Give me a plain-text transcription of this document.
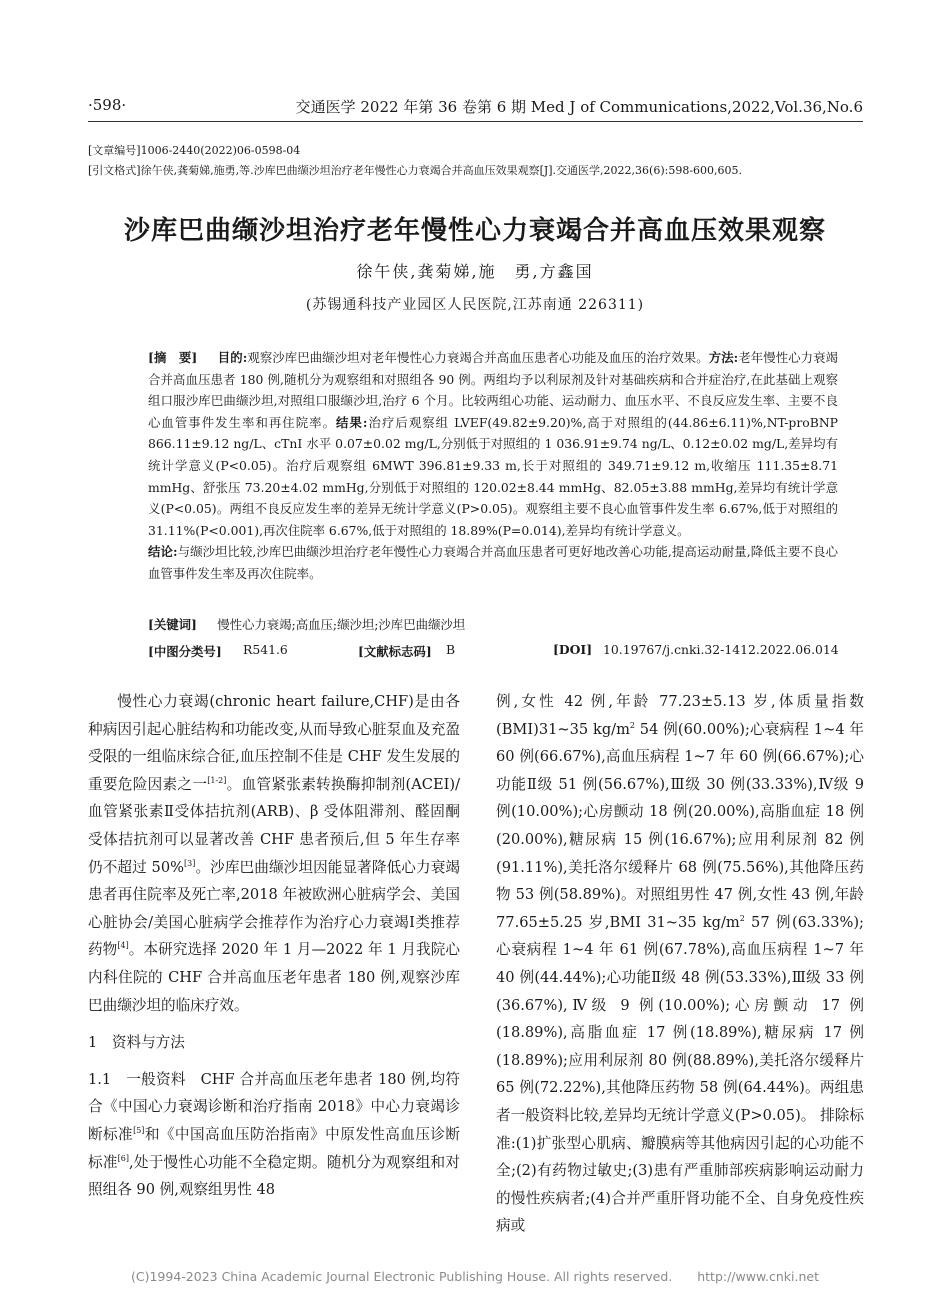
·598·	交通医学 2022 年第 36 卷第 6 期 Med J of Communications,2022,Vol.36,No.6
[文章编号]1006-2440(2022)06-0598-04
[引文格式]徐午侠,龚菊娣,施勇,等.沙库巴曲缬沙坦治疗老年慢性心力衰竭合并高血压效果观察[J].交通医学,2022,36(6):598-600,605.
沙库巴曲缬沙坦治疗老年慢性心力衰竭合并高血压效果观察
徐午侠,龚菊娣,施　勇,方鑫国
(苏锡通科技产业园区人民医院,江苏南通 226311)
[摘　要] 　 目的:观察沙库巴曲缬沙坦对老年慢性心力衰竭合并高血压患者心功能及血压的治疗效果。方法:老年慢性心力衰竭合并高血压患者 180 例,随机分为观察组和对照组各 90 例。两组均予以利尿剂及针对基础疾病和合并症治疗,在此基础上观察组口服沙库巴曲缬沙坦,对照组口服缬沙坦,治疗 6 个月。比较两组心功能、运动耐力、血压水平、不良反应发生率、主要不良心血管事件发生率和再住院率。结果:治疗后观察组 LVEF(49.82±9.20)%,高于对照组的(44.86±6.11)%,NT-proBNP 866.11±9.12 ng/L、cTnI 水平 0.07±0.02 mg/L,分别低于对照组的 1 036.91±9.74 ng/L、0.12±0.02 mg/L,差异均有统计学意义(P<0.05)。治疗后观察组 6MWT 396.81±9.33 m,长于对照组的 349.71±9.12 m,收缩压 111.35±8.71 mmHg、舒张压 73.20±4.02 mmHg,分别低于对照组的 120.02±8.44 mmHg、82.05±3.88 mmHg,差异均有统计学意义(P<0.05)。两组不良反应发生率的差异无统计学意义(P>0.05)。观察组主要不良心血管事件发生率 6.67%,低于对照组的 31.11%(P<0.001),再次住院率 6.67%,低于对照组的 18.89%(P=0.014),差异均有统计学意义。
结论:与缬沙坦比较,沙库巴曲缬沙坦治疗老年慢性心力衰竭合并高血压患者可更好地改善心功能,提高运动耐量,降低主要不良心血管事件发生率及再次住院率。
[关键词] 　 慢性心力衰竭;高血压;缬沙坦;沙库巴曲缬沙坦
[中图分类号] R541.6	[文献标志码] B	[DOI] 10.19767/j.cnki.32-1412.2022.06.014

慢性心力衰竭(chronic heart failure,CHF)是由各种病因引起心脏结构和功能改变,从而导致心脏泵血及充盈受限的一组临床综合征,血压控制不佳是 CHF 发生发展的重要危险因素之一[1-2]。血管紧张素转换酶抑制剂(ACEI)/血管紧张素Ⅱ受体拮抗剂(ARB)、β 受体阻滞剂、醛固酮受体拮抗剂可以显著改善 CHF 患者预后,但 5 年生存率仍不超过 50%[3]。沙库巴曲缬沙坦因能显著降低心力衰竭患者再住院率及死亡率,2018 年被欧洲心脏病学会、美国心脏协会/美国心脏病学会推荐作为治疗心力衰竭Ⅰ类推荐药物[4]。本研究选择 2020 年 1 月—2022 年 1 月我院心内科住院的 CHF 合并高血压老年患者 180 例,观察沙库巴曲缬沙坦的临床疗效。

1　资料与方法

1.1　一般资料　CHF 合并高血压老年患者 180 例,均符合《中国心力衰竭诊断和治疗指南 2018》中心力衰竭诊断标准[5]和《中国高血压防治指南》中原发性高血压诊断标准[6],处于慢性心功能不全稳定期。随机分为观察组和对照组各 90 例,观察组男性 48

例,女性 42 例,年龄 77.23±5.13 岁,体质量指数(BMI)31~35 $kg/m^2$ 54 例(60.00%);心衰病程 1~4 年 60 例(66.67%),高血压病程 1~7 年 60 例(66.67%);心功能Ⅱ级 51 例(56.67%),Ⅲ级 30 例(33.33%),Ⅳ级 9 例(10.00%);心房颤动 18 例(20.00%),高脂血症 18 例(20.00%),糖尿病 15 例(16.67%);应用利尿剂 82 例(91.11%),美托洛尔缓释片 68 例(75.56%),其他降压药物 53 例(58.89%)。对照组男性 47 例,女性 43 例,年龄 77.65±5.25 岁,BMI 31~35 $kg/m^2$ 57 例(63.33%);心衰病程 1~4 年 61 例(67.78%),高血压病程 1~7 年40 例(44.44%);心功能Ⅱ级 48 例(53.33%),Ⅲ级 33 例(36.67%),Ⅳ级 9 例(10.00%);心房颤动 17 例(18.89%),高脂血症 17 例(18.89%),糖尿病 17 例(18.89%);应用利尿剂 80 例(88.89%),美托洛尔缓释片 65 例(72.22%),其他降压药物 58 例(64.44%)。两组患者一般资料比较,差异均无统计学意义(P>0.05)。 排除标准:(1)扩张型心肌病、瓣膜病等其他病因引起的心功能不全;(2)有药物过敏史;(3)患有严重肺部疾病影响运动耐力的慢性疾病者;(4)合并严重肝肾功能不全、自身免疫性疾病或

(C)1994-2023 China Academic Journal Electronic Publishing House. All rights reserved.　　http://www.cnki.net
